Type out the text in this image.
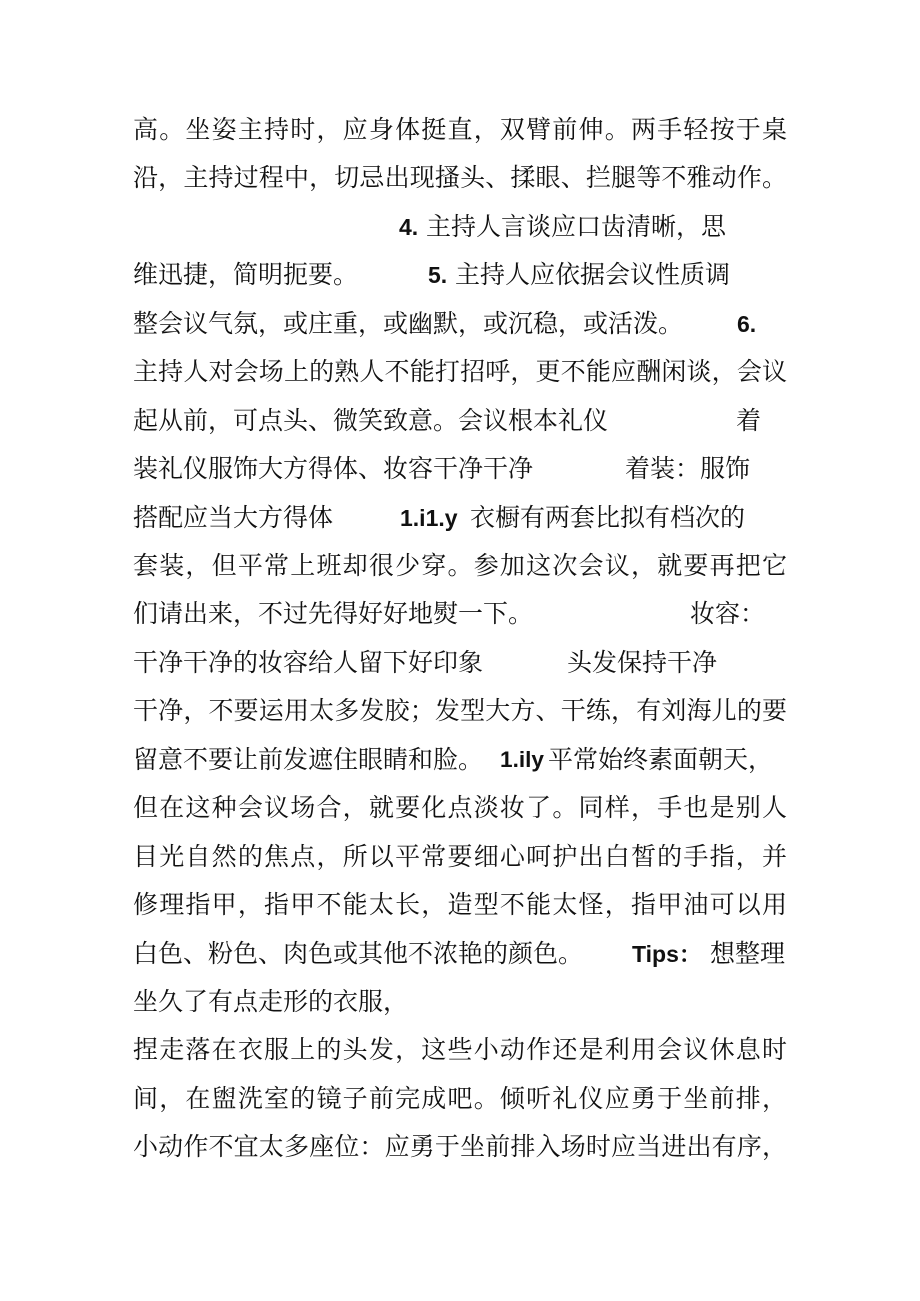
高。坐姿主持时，应身体挺直，双臂前伸。两手轻按于桌
沿，主持过程中，切忌出现搔头、揉眼、拦腿等不雅动作。
4. 主持人言谈应口齿清晰，思
维迅捷，简明扼要。	5. 主持人应依据会议性质调
整会议气氛，或庄重，或幽默，或沉稳，或活泼。 6.
主持人对会场上的熟人不能打招呼，更不能应酬闲谈，会议
起从前，可点头、微笑致意。会议根本礼仪	着
装礼仪服饰大方得体、妆容干净干净	着装：服饰
搭配应当大方得体	1.i1.y 衣橱有两套比拟有档次的
套装，但平常上班却很少穿。参加这次会议，就要再把它
们请出来，不过先得好好地熨一下。	妆容：
干净干净的妆容给人留下好印象	头发保持干净
干净，不要运用太多发胶；发型大方、干练，有刘海儿的要
留意不要让前发遮住眼睛和脸。 1.ily 平常始终素面朝天，
但在这种会议场合，就要化点淡妆了。同样，手也是别人
目光自然的焦点，所以平常要细心呵护出白皙的手指，并
修理指甲，指甲不能太长，造型不能太怪，指甲油可以用
白色、粉色、肉色或其他不浓艳的颜色。 Tips： 想整理
坐久了有点走形的衣服，
捏走落在衣服上的头发，这些小动作还是利用会议休息时
间，在盥洗室的镜子前完成吧。倾听礼仪应勇于坐前排，
小动作不宜太多座位：应勇于坐前排入场时应当进出有序，
